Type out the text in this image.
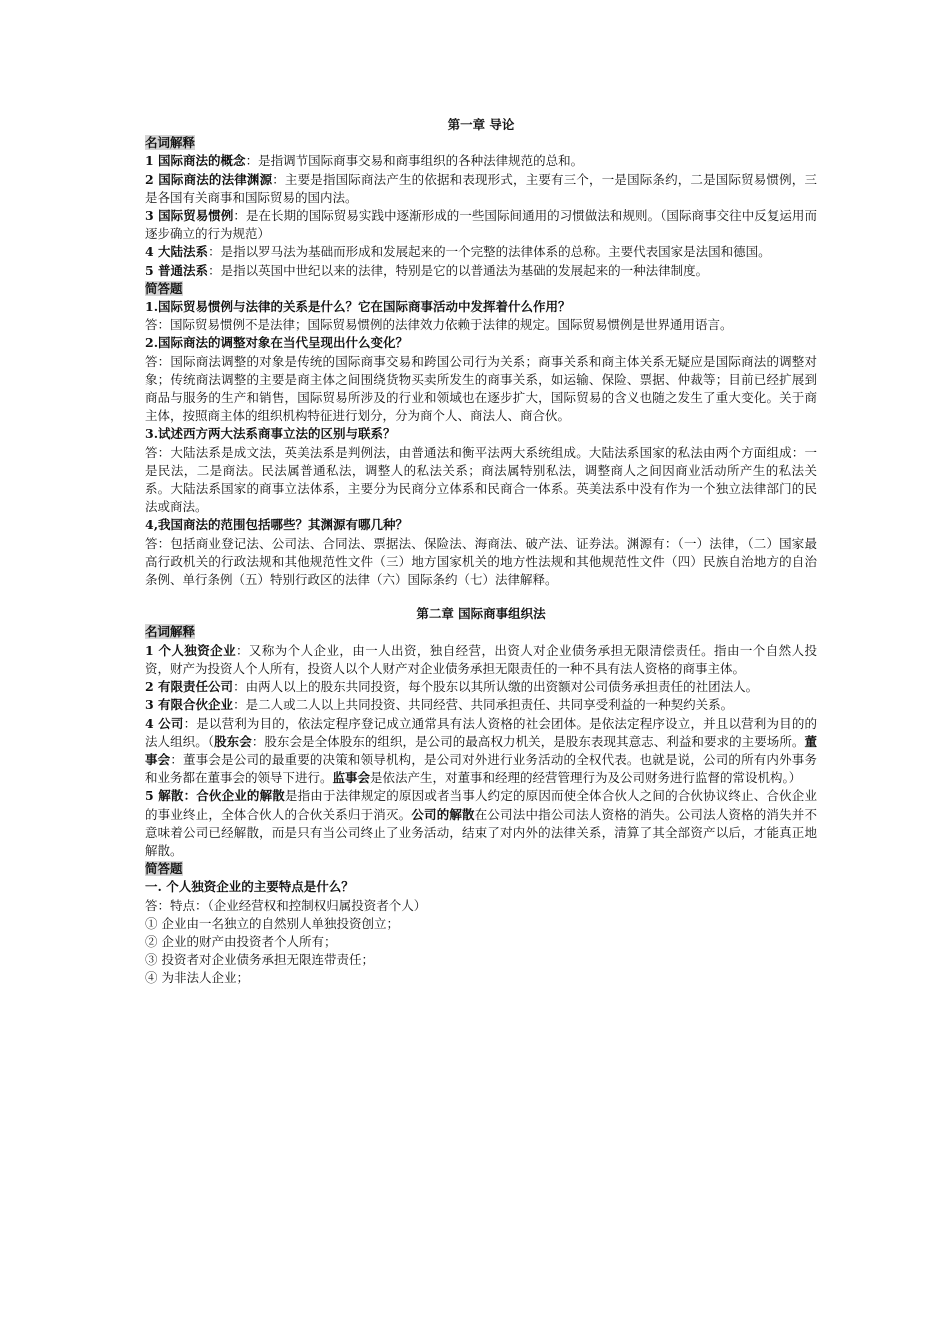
第一章 导论
名词解释

1 国际商法的概念：是指调节国际商事交易和商事组织的各种法律规范的总和。

2 国际商法的法律渊源：主要是指国际商法产生的依据和表现形式，主要有三个，一是国际条约，二是国际贸易惯例，三是各国有关商事和国际贸易的国内法。

3 国际贸易惯例：是在长期的国际贸易实践中逐渐形成的一些国际间通用的习惯做法和规则。（国际商事交往中反复运用而逐步确立的行为规范）

4 大陆法系：是指以罗马法为基础而形成和发展起来的一个完整的法律体系的总称。主要代表国家是法国和德国。

5 普通法系：是指以英国中世纪以来的法律，特别是它的以普通法为基础的发展起来的一种法律制度。

简答题

1.国际贸易惯例与法律的关系是什么？它在国际商事活动中发挥着什么作用？

答：国际贸易惯例不是法律；国际贸易惯例的法律效力依赖于法律的规定。国际贸易惯例是世界通用语言。

2.国际商法的调整对象在当代呈现出什么变化？

答：国际商法调整的对象是传统的国际商事交易和跨国公司行为关系；商事关系和商主体关系无疑应是国际商法的调整对象；传统商法调整的主要是商主体之间围绕货物买卖所发生的商事关系，如运输、保险、票据、仲裁等；目前已经扩展到商品与服务的生产和销售，国际贸易所涉及的行业和领域也在逐步扩大，国际贸易的含义也随之发生了重大变化。关于商主体，按照商主体的组织机构特征进行划分，分为商个人、商法人、商合伙。

3.试述西方两大法系商事立法的区别与联系？

答：大陆法系是成文法，英美法系是判例法，由普通法和衡平法两大系统组成。大陆法系国家的私法由两个方面组成：一是民法，二是商法。民法属普通私法，调整人的私法关系；商法属特别私法，调整商人之间因商业活动所产生的私法关系。大陆法系国家的商事立法体系，主要分为民商分立体系和民商合一体系。英美法系中没有作为一个独立法律部门的民法或商法。

4,我国商法的范围包括哪些？其渊源有哪几种？

答：包括商业登记法、公司法、合同法、票据法、保险法、海商法、破产法、证券法。渊源有：（一）法律，（二）国家最高行政机关的行政法规和其他规范性文件（三）地方国家机关的地方性法规和其他规范性文件（四）民族自治地方的自治条例、单行条例（五）特别行政区的法律（六）国际条约（七）法律解释。

第二章 国际商事组织法
名词解释

1 个人独资企业：又称为个人企业，由一人出资，独自经营，出资人对企业债务承担无限清偿责任。指由一个自然人投资，财产为投资人个人所有，投资人以个人财产对企业债务承担无限责任的一种不具有法人资格的商事主体。

2 有限责任公司：由两人以上的股东共同投资，每个股东以其所认缴的出资额对公司债务承担责任的社团法人。

3 有限合伙企业：是二人或二人以上共同投资、共同经营、共同承担责任、共同享受利益的一种契约关系。

4 公司：是以营利为目的，依法定程序登记成立通常具有法人资格的社会团体。是依法定程序设立，并且以营利为目的的法人组织。（股东会：股东会是全体股东的组织，是公司的最高权力机关，是股东表现其意志、利益和要求的主要场所。董事会：董事会是公司的最重要的决策和领导机构，是公司对外进行业务活动的全权代表。也就是说，公司的所有内外事务和业务都在董事会的领导下进行。监事会是依法产生，对董事和经理的经营管理行为及公司财务进行监督的常设机构。）

5 解散：合伙企业的解散是指由于法律规定的原因或者当事人约定的原因而使全体合伙人之间的合伙协议终止、合伙企业的事业终止，全体合伙人的合伙关系归于消灭。公司的解散在公司法中指公司法人资格的消失。公司法人资格的消失并不意味着公司已经解散，而是只有当公司终止了业务活动，结束了对内外的法律关系，清算了其全部资产以后，才能真正地解散。

简答题

一. 个人独资企业的主要特点是什么？

答：特点：（企业经营权和控制权归属投资者个人）

① 企业由一名独立的自然别人单独投资创立；

② 企业的财产由投资者个人所有；

③ 投资者对企业债务承担无限连带责任；

④ 为非法人企业；
